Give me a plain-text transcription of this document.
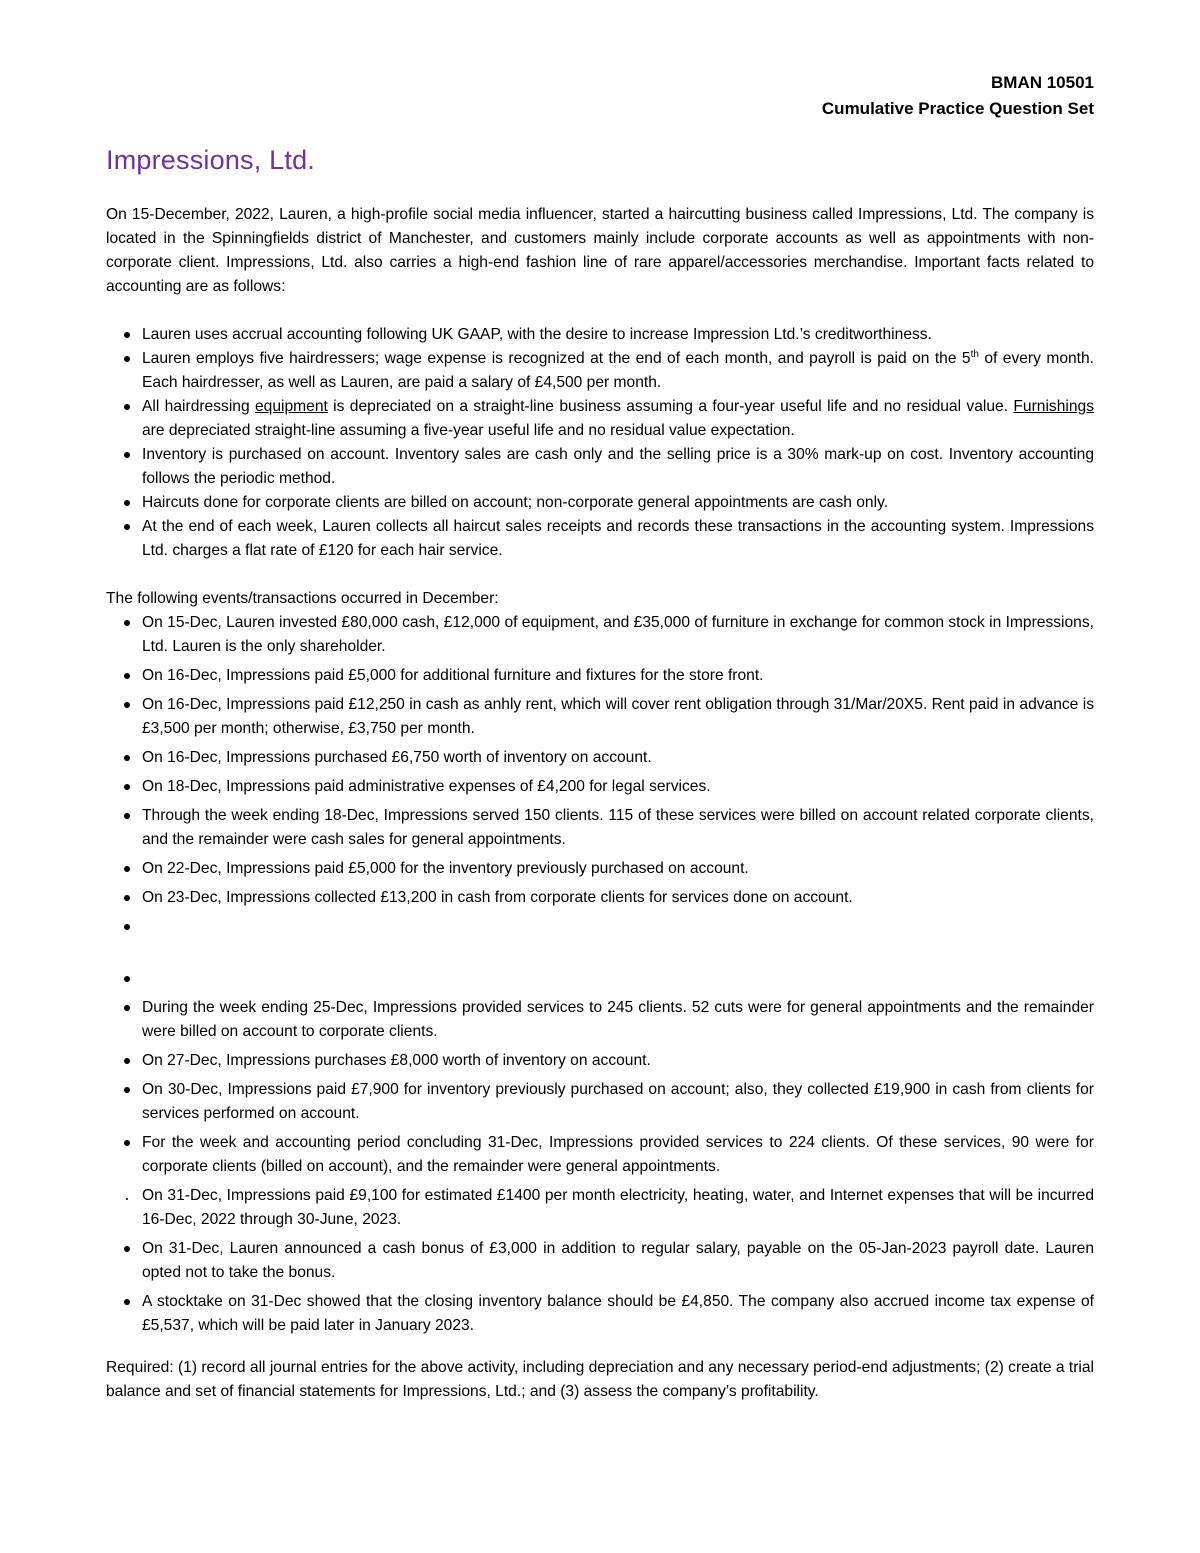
BMAN 10501
Cumulative Practice Question Set
Impressions, Ltd.

On 15-December, 2022, Lauren, a high-profile social media influencer, started a haircutting business called Impressions, Ltd. The company is located in the Spinningfields district of Manchester, and customers mainly include corporate accounts as well as appointments with non-corporate client. Impressions, Ltd. also carries a high-end fashion line of rare apparel/accessories merchandise. Important facts related to accounting are as follows:

Lauren uses accrual accounting following UK GAAP, with the desire to increase Impression Ltd.’s creditworthiness.
Lauren employs five hairdressers; wage expense is recognized at the end of each month, and payroll is paid on the 5th of every month. Each hairdresser, as well as Lauren, are paid a salary of £4,500 per month.
All hairdressing equipment is depreciated on a straight-line business assuming a four-year useful life and no residual value. Furnishings are depreciated straight-line assuming a five-year useful life and no residual value expectation.
Inventory is purchased on account. Inventory sales are cash only and the selling price is a 30% mark-up on cost. Inventory accounting follows the periodic method.
Haircuts done for corporate clients are billed on account; non-corporate general appointments are cash only.
At the end of each week, Lauren collects all haircut sales receipts and records these transactions in the accounting system. Impressions Ltd. charges a flat rate of £120 for each hair service.

The following events/transactions occurred in December:

On 15-Dec, Lauren invested £80,000 cash, £12,000 of equipment, and £35,000 of furniture in exchange for common stock in Impressions, Ltd. Lauren is the only shareholder.
On 16-Dec, Impressions paid £5,000 for additional furniture and fixtures for the store front.
On 16-Dec, Impressions paid £12,250 in cash as anhly rent, which will cover rent obligation through 31/Mar/20X5. Rent paid in advance is £3,500 per month; otherwise, £3,750 per month.
On 16-Dec, Impressions purchased £6,750 worth of inventory on account.
On 18-Dec, Impressions paid administrative expenses of £4,200 for legal services.
Through the week ending 18-Dec, Impressions served 150 clients. 115 of these services were billed on account related corporate clients, and the remainder were cash sales for general appointments.
On 22-Dec, Impressions paid £5,000 for the inventory previously purchased on account.
On 23-Dec, Impressions collected £13,200 in cash from corporate clients for services done on account.
During the week ending 25-Dec, Impressions provided services to 245 clients. 52 cuts were for general appointments and the remainder were billed on account to corporate clients.
On 27-Dec, Impressions purchases £8,000 worth of inventory on account.
On 30-Dec, Impressions paid £7,900 for inventory previously purchased on account; also, they collected £19,900 in cash from clients for services performed on account.
For the week and accounting period concluding 31-Dec, Impressions provided services to 224 clients. Of these services, 90 were for corporate clients (billed on account), and the remainder were general appointments.
On 31-Dec, Impressions paid £9,100 for estimated £1400 per month electricity, heating, water, and Internet expenses that will be incurred 16-Dec, 2022 through 30-June, 2023.
On 31-Dec, Lauren announced a cash bonus of £3,000 in addition to regular salary, payable on the 05-Jan-2023 payroll date. Lauren opted not to take the bonus.
A stocktake on 31-Dec showed that the closing inventory balance should be £4,850. The company also accrued income tax expense of £5,537, which will be paid later in January 2023.

Required: (1) record all journal entries for the above activity, including depreciation and any necessary period-end adjustments; (2) create a trial balance and set of financial statements for Impressions, Ltd.; and (3) assess the company’s profitability.
